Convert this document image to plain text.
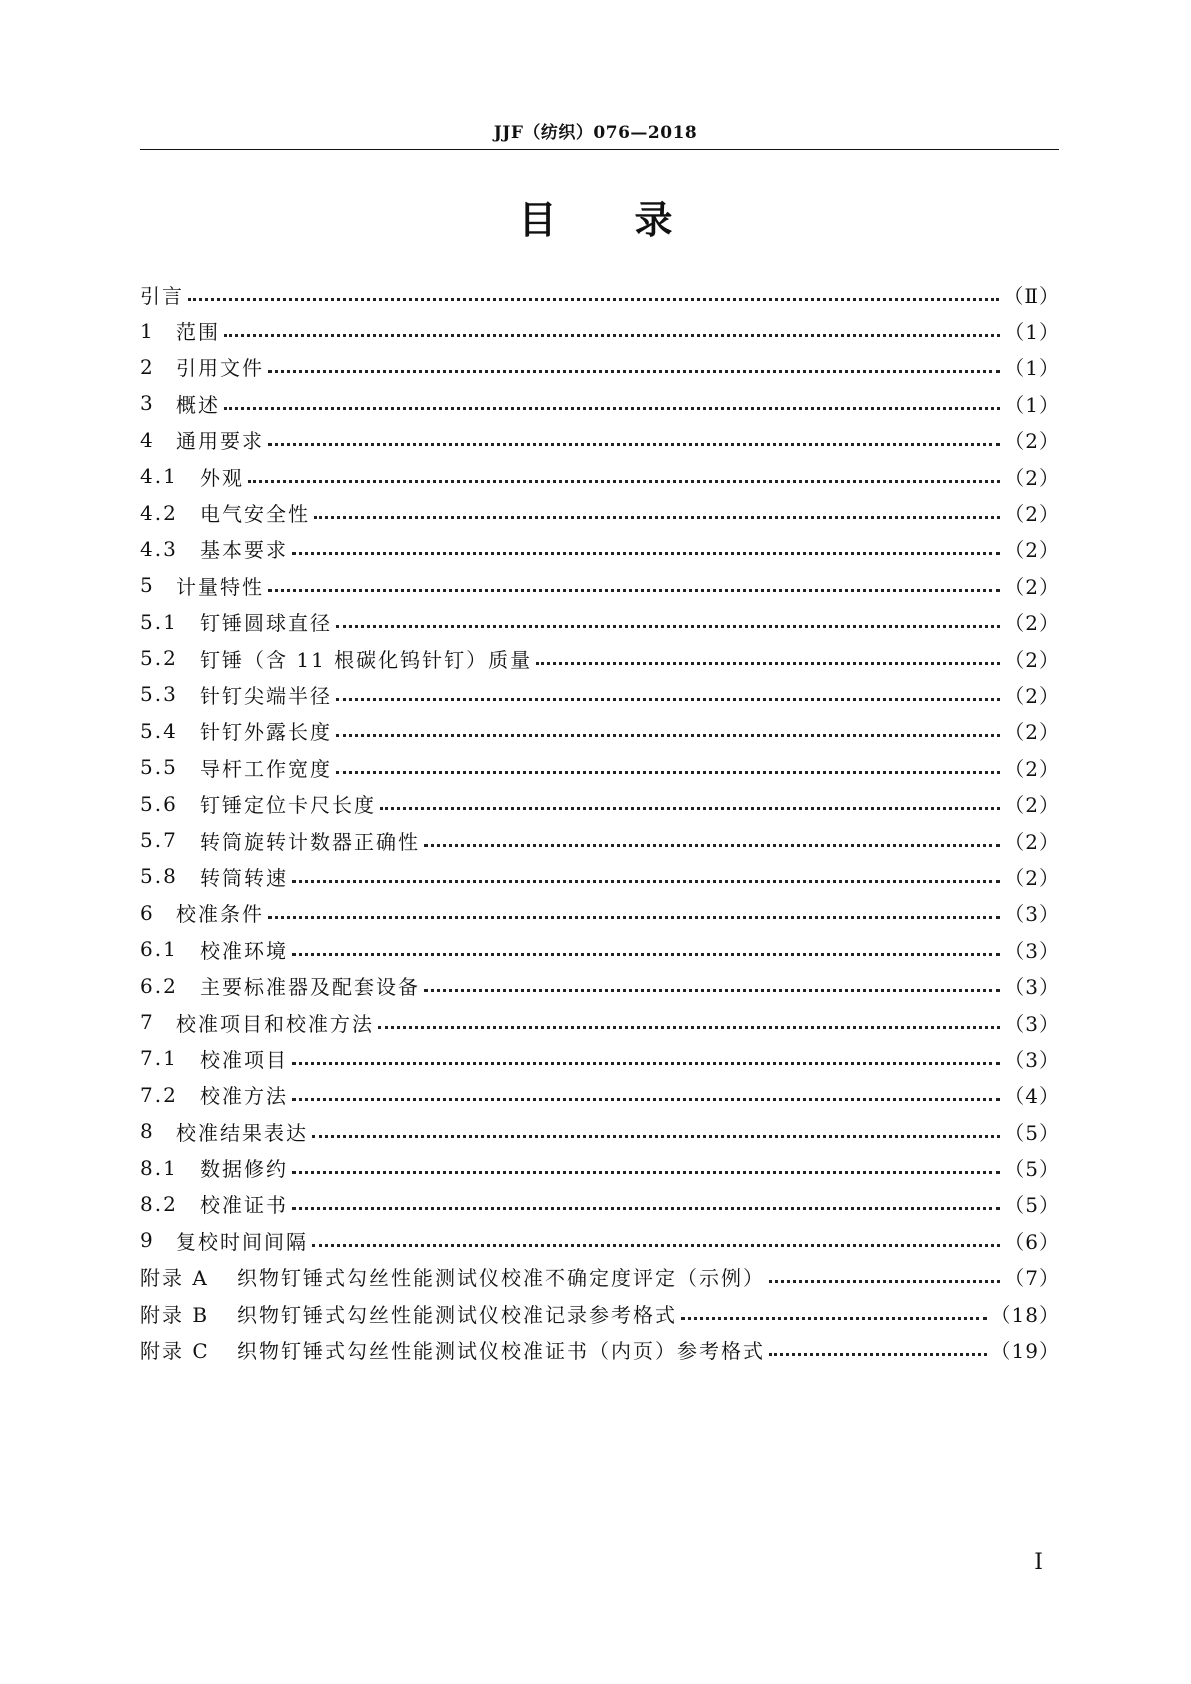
JJF（纺织）076—2018
目 录
引言	（Ⅱ）
1	范围	（1）
2	引用文件	（1）
3	概述	（1）
4	通用要求	（2）
4.1	外观	（2）
4.2	电气安全性	（2）
4.3	基本要求	（2）
5	计量特性	（2）
5.1	钉锤圆球直径	（2）
5.2	钉锤（含 11 根碳化钨针钉）质量	（2）
5.3	针钉尖端半径	（2）
5.4	针钉外露长度	（2）
5.5	导杆工作宽度	（2）
5.6	钉锤定位卡尺长度	（2）
5.7	转筒旋转计数器正确性	（2）
5.8	转筒转速	（2）
6	校准条件	（3）
6.1	校准环境	（3）
6.2	主要标准器及配套设备	（3）
7	校准项目和校准方法	（3）
7.1	校准项目	（3）
7.2	校准方法	（4）
8	校准结果表达	（5）
8.1	数据修约	（5）
8.2	校准证书	（5）
9	复校时间间隔	（6）
附录 A	织物钉锤式勾丝性能测试仪校准不确定度评定（示例）	（7）
附录 B	织物钉锤式勾丝性能测试仪校准记录参考格式	（18）
附录 C	织物钉锤式勾丝性能测试仪校准证书（内页）参考格式	（19）
Ⅰ
